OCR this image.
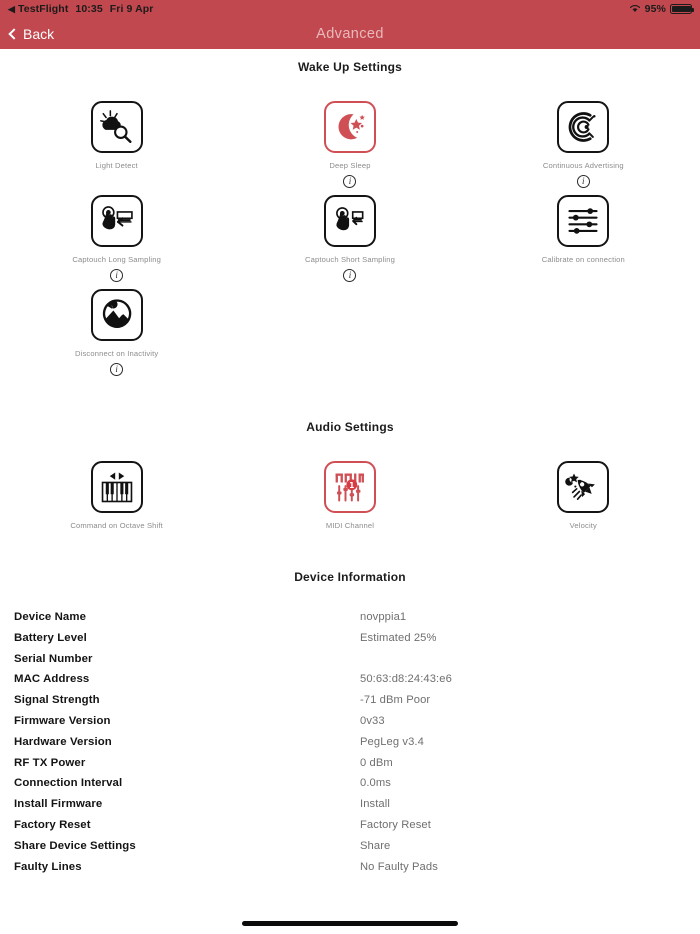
◀ TestFlight 10:35 Fri 9 Apr	95%
Back	Advanced
Wake Up Settings
Light Detect	Deep Sleep
i
Continuous Advertising
i
Captouch Long Sampling
i
Captouch Short Sampling
i
Calibrate on connection
Disconnect on Inactivity
i
Audio Settings
Command on Octave Shift
1
MIDI Channel	Velocity
Device Information
Device Name	novppia1
Battery Level	Estimated 25%
Serial Number
MAC Address	50:63:d8:24:43:e6
Signal Strength	-71 dBm Poor
Firmware Version	0v33
Hardware Version	PegLeg v3.4
RF TX Power	0 dBm
Connection Interval	0.0ms
Install Firmware	Install
Factory Reset	Factory Reset
Share Device Settings	Share
Faulty Lines	No Faulty Pads
